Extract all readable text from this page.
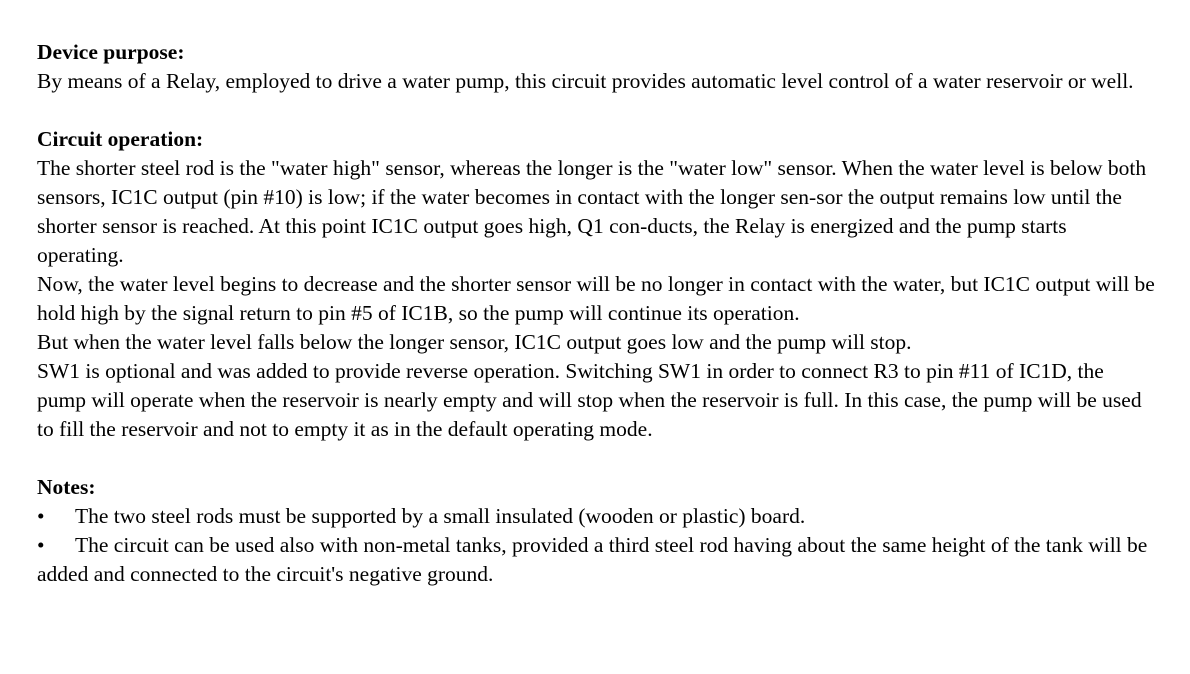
Device purpose:

By means of a Relay, employed to drive a water pump, this circuit provides automatic level control of a water reservoir or well.

Circuit operation:

The shorter steel rod is the "water high" sensor, whereas the longer is the "water low" sensor. When the water level is below both sensors, IC1C output (pin #10) is low; if the water becomes in contact with the longer sen-sor the output remains low until the shorter sensor is reached. At this point IC1C output goes high, Q1 con-ducts, the Relay is energized and the pump starts operating.

Now, the water level begins to decrease and the shorter sensor will be no longer in contact with the water, but IC1C output will be hold high by the signal return to pin #5 of IC1B, so the pump will continue its operation.

But when the water level falls below the longer sensor, IC1C output goes low and the pump will stop.

SW1 is optional and was added to provide reverse operation. Switching SW1 in order to connect R3 to pin #11 of IC1D, the pump will operate when the reservoir is nearly empty and will stop when the reservoir is full. In this case, the pump will be used to fill the reservoir and not to empty it as in the default operating mode.

Notes:

• The two steel rods must be supported by a small insulated (wooden or plastic) board.

• The circuit can be used also with non-metal tanks, provided a third steel rod having about the same height of the tank will be added and connected to the circuit's negative ground.
